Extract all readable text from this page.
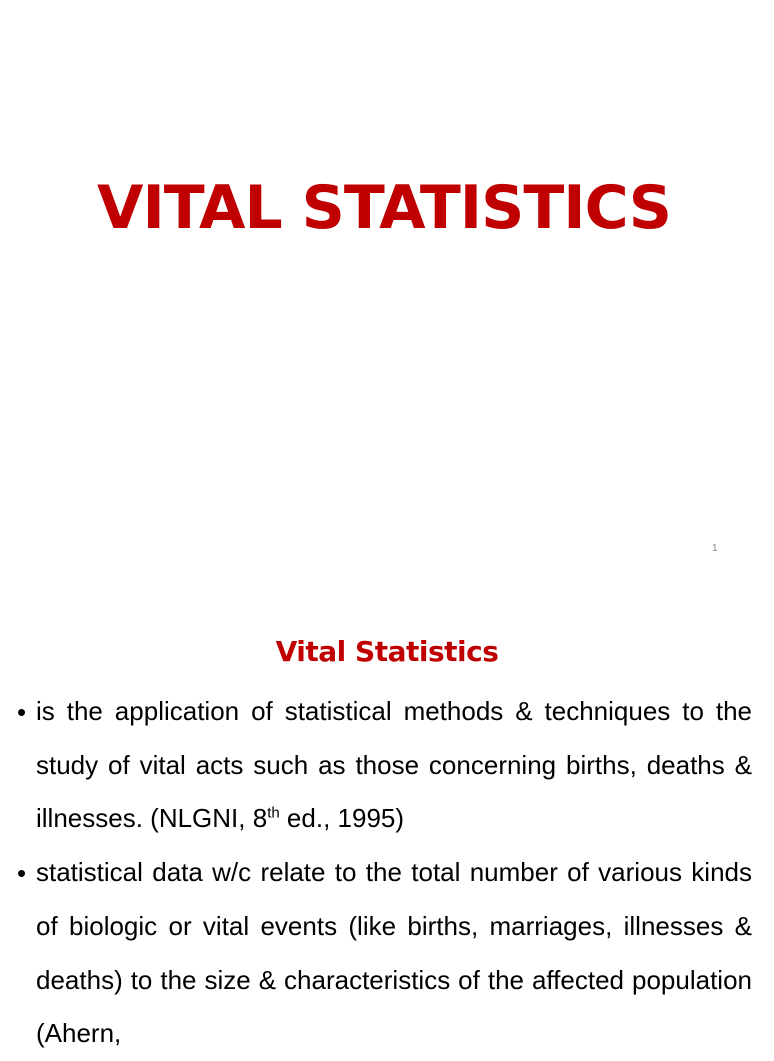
VITAL STATISTICS
1
Vital Statistics
• is the application of statistical methods & techniques to the study of vital acts such as those concerning births, deaths & illnesses. (NLGNI, 8th ed., 1995)
• statistical data w/c relate to the total number of various kinds of biologic or vital events (like births, marriages, illnesses & deaths) to the size & characteristics of the affected population (Ahern,
